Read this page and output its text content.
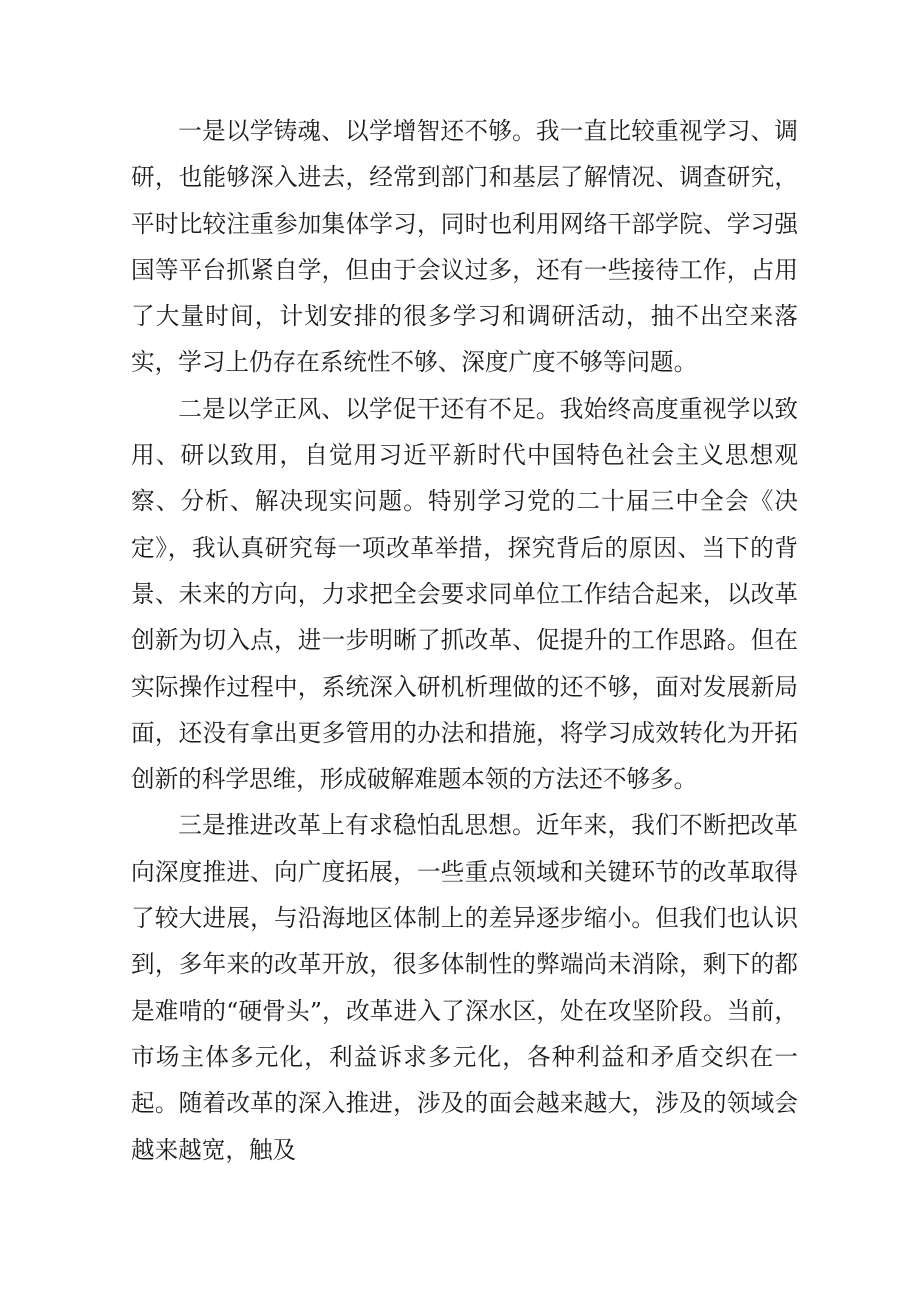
一是以学铸魂、以学增智还不够。我一直比较重视学习、调研，也能够深入进去，经常到部门和基层了解情况、调查研究，平时比较注重参加集体学习，同时也利用网络干部学院、学习强国等平台抓紧自学，但由于会议过多，还有一些接待工作，占用了大量时间，计划安排的很多学习和调研活动，抽不出空来落实，学习上仍存在系统性不够、深度广度不够等问题。

二是以学正风、以学促干还有不足。我始终高度重视学以致用、研以致用，自觉用习近平新时代中国特色社会主义思想观察、分析、解决现实问题。特别学习党的二十届三中全会《决定》，我认真研究每一项改革举措，探究背后的原因、当下的背景、未来的方向，力求把全会要求同单位工作结合起来，以改革创新为切入点，进一步明晰了抓改革、促提升的工作思路。但在实际操作过程中，系统深入研机析理做的还不够，面对发展新局面，还没有拿出更多管用的办法和措施，将学习成效转化为开拓创新的科学思维，形成破解难题本领的方法还不够多。

三是推进改革上有求稳怕乱思想。近年来，我们不断把改革向深度推进、向广度拓展，一些重点领域和关键环节的改革取得了较大进展，与沿海地区体制上的差异逐步缩小。但我们也认识到，多年来的改革开放，很多体制性的弊端尚未消除，剩下的都是难啃的“硬骨头”，改革进入了深水区，处在攻坚阶段。当前，市场主体多元化，利益诉求多元化，各种利益和矛盾交织在一起。随着改革的深入推进，涉及的面会越来越大，涉及的领域会越来越宽，触及
